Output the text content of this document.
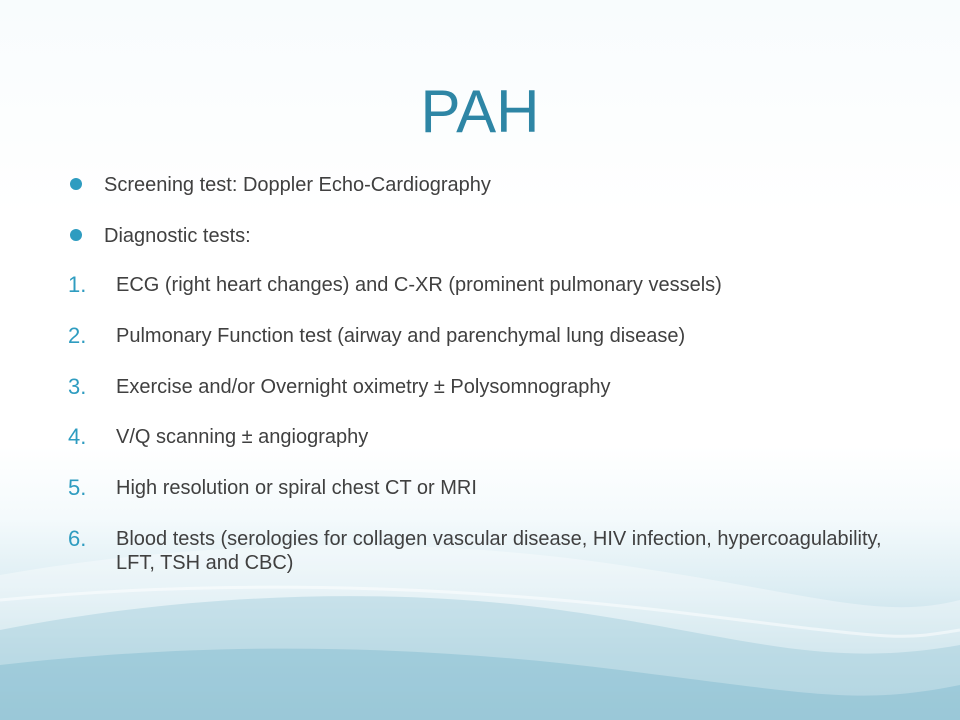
PAH
Screening test: Doppler Echo-Cardiography
Diagnostic tests:
1.	ECG (right heart changes) and C-XR (prominent pulmonary vessels)
2.	Pulmonary Function test (airway and parenchymal lung disease)
3.	Exercise and/or Overnight oximetry ± Polysomnography
4.	V/Q scanning ± angiography
5.	High resolution or spiral chest CT or MRI
6.	Blood tests (serologies for collagen vascular disease, HIV infection, hypercoagulability, LFT, TSH and CBC)
